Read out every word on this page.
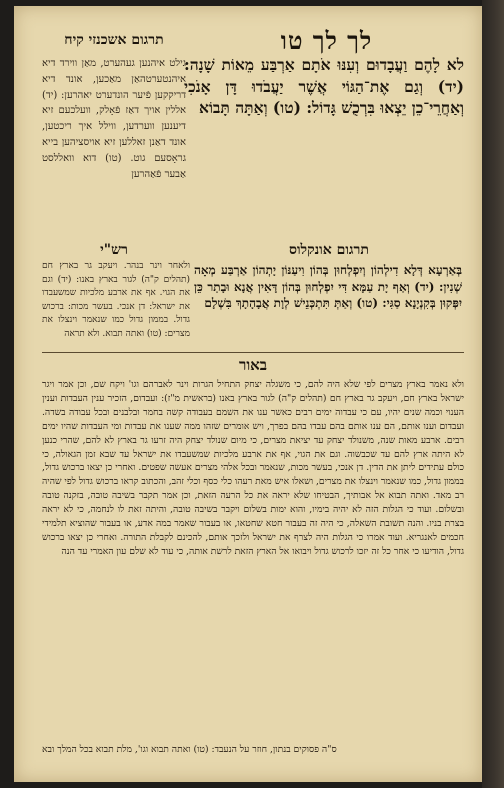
לך לך טו
תרגום אשכנזי קיח
לא לָהֶם וַעֲבָדוּם וְעִנּוּ אֹתָם אַרְבַּע מֵאוֹת שָׁנָה: (יד) וְגַם אֶת־הַגּוֹי אֲשֶׁר יַעֲבֹדוּ דָּן אָנֹכִי וְאַחֲרֵי־כֵן יֵצְאוּ בִּרְכֻשׁ גָּדוֹל: (טו) וְאַתָּה תָּבוֹא
גילט איהנען געהערט, מאַן ווירד דיא איהנטערטהאַן מאַכען, אונד דיא דריקקען פֿיער הונדערט יאהרען: (יד) אללין אויך דאַז פֿאָלק, וועלכעם זיא דיענען ווערדען, ווילל איך ריכטען, אונד דאַנן זאללען זיא אויסציהען בייא גראָסעם גוט. (טו) דוא וואללסט אַבער פֿאַהרען
תרגום אונקלוס
רש"י
בְּאַרְעָא דְּלָא דִילְהוֹן וְיִפְלְחוּן בְּהוֹן וִיעַנּוֹן יָתְהוֹן אַרְבַּע מְאָה שְׁנִין: (יד) וְאַף יָת עַמָּא דִּי יִפְלְחוּן בְּהוֹן דָּאִין אֲנָא וּבָתַר כֵּן יִפְּקוּן בְּקִנְיָנָא סַגִּי: (טו) וְאַתְּ תִּתְכְּנֵישׁ לְוָת אֲבָהָתָךְ בִּשְׁלָם
ולאחר וינר בנהר. ויעקב גר בארץ חם (תהלים ק"ה) לגור בארץ באנו: (יד) וגם את הגוי. אף את ארבע מלכיות שמשעבדו את ישראל: דן אנכי. בעשר מכות: ברכוש גדול. בממון גדול כמו שנאמר וינצלו את מצרים: (טו) ואתה תבוא. ולא תראה
באור
ולא נאמר בארץ מצרים לפי שלא היה להם, כי משגלה יצחק התחיל הגרות וינר לאברהם וגו' ויקח שם, וכן אמר ויגר ישראל בארץ חם, ויעקב גר בארץ חם (תהלים ק"ה) לגור בארץ באנו (בראשית מ"ז): ועבדום, הזכיר ענין העבדות וענין הענוי וכמה שנים יהיו, עם כי עבדוה ימים רבים כאשר ענו את השמם בעבודה קשה בחמר ובלבנים ובכל עבודה בשדה. ועבדום וענו אותם, הם ענו אותם בהם עבדו בהם בפרך, ויש אומרים שזהו ממה שענו את עבדות ומי העבדות שהיו ימים רבים. ארבע מאות שנה, משנולד יצחק עד יציאת מצרים, כי מיום שנולד יצחק היה זרעו גר בארץ לא להם, שהרי כנען לא היתה ארץ להם עד שכבשוה. וגם את הגוי, אף את ארבע מלכיות שמשעבדו את ישראל עד שבא זמן הגאולה, כי כולם עתידים ליתן את הדין. דן אנכי, בעשר מכות, שנאמר ובכל אלהי מצרים אעשה שפטים. ואחרי כן יצאו ברכוש גדול, בממון גדול, כמו שנאמר וינצלו את מצרים, ושאלו איש מאת רעהו כלי כסף וכלי זהב, והכתוב קראו ברכוש גדול לפי שהיה רב מאד. ואתה תבוא אל אבותיך, הבטיחו שלא יראה את כל הרעה הזאת, וכן אמר תקבר בשיבה טובה, בזקנה טובה ובשלום. ועוד כי הגלות הזה לא יהיה בימיו, והוא ימות בשלום ויקבר בשיבה טובה, והיתה זאת לו לנחמה, כי לא יראה בצרת בניו. והנה תשובת השאלה, כי היה זה בעבור חטא שחטאו, או בעבור שאמר במה אדע, או בעבור שהוציא תלמידי חכמים לאנגריא. ועוד אמרו כי הגלות היה לצרף את ישראל ולזכך אותם, להכינם לקבלת התורה. ואחרי כן יצאו ברכוש גדול, הודיעו כי אחר כל זה יזכו לרכוש גדול ויבואו אל הארץ הזאת לרשת אותה, כי עוד לא שלם עון האמרי עד הנה
ס"ה פסוקים בנתון, חוזר על הנעבד: (טו) ואתה תבוא וגו', מלת תבוא בכל המלך ובא
